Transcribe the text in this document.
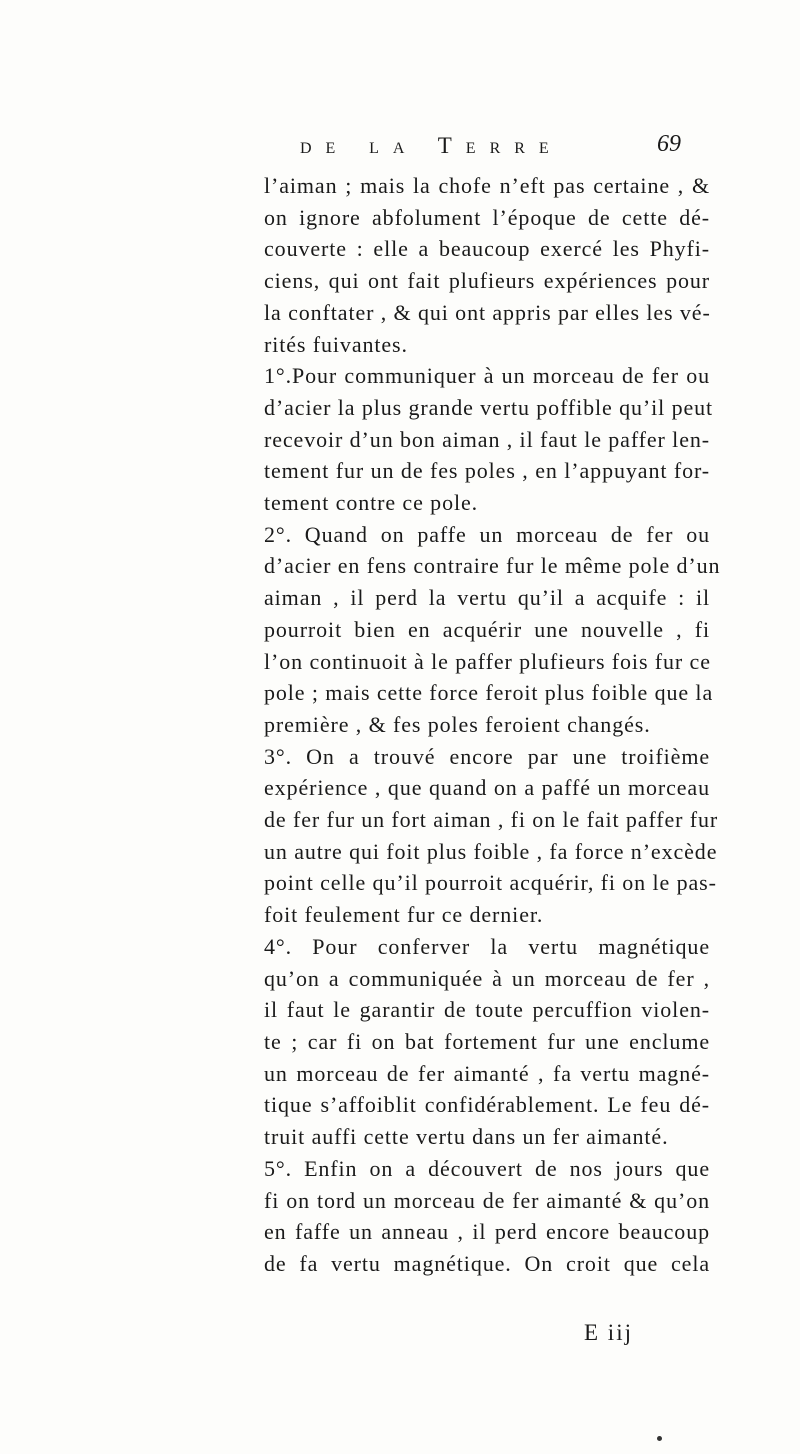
de la Terre	69
l’aiman ; mais la chofe n’eft pas certaine , &
on ignore abfolument l’époque de cette dé-
couverte : elle a beaucoup exercé les Phyfi-
ciens, qui ont fait plufieurs expériences pour
la conftater , & qui ont appris par elles les vé-
rités fuivantes.
1°.Pour communiquer à un morceau de fer ou
d’acier la plus grande vertu poffible qu’il peut
recevoir d’un bon aiman , il faut le paffer len-
tement fur un de fes poles , en l’appuyant for-
tement contre ce pole.
2°. Quand on paffe un morceau de fer ou
d’acier en fens contraire fur le même pole d’un
aiman , il perd la vertu qu’il a acquife : il
pourroit bien en acquérir une nouvelle , fi
l’on continuoit à le paffer plufieurs fois fur ce
pole ; mais cette force feroit plus foible que la
première , & fes poles feroient changés.
3°. On a trouvé encore par une troifième
expérience , que quand on a paffé un morceau
de fer fur un fort aiman , fi on le fait paffer fur
un autre qui foit plus foible , fa force n’excède
point celle qu’il pourroit acquérir, fi on le pas-
foit feulement fur ce dernier.
4°. Pour conferver la vertu magnétique
qu’on a communiquée à un morceau de fer ,
il faut le garantir de toute percuffion violen-
te ; car fi on bat fortement fur une enclume
un morceau de fer aimanté , fa vertu magné-
tique s’affoiblit confidérablement. Le feu dé-
truit auffi cette vertu dans un fer aimanté.
5°. Enfin on a découvert de nos jours que
fi on tord un morceau de fer aimanté & qu’on
en faffe un anneau , il perd encore beaucoup
de fa vertu magnétique. On croit que cela
E iij
